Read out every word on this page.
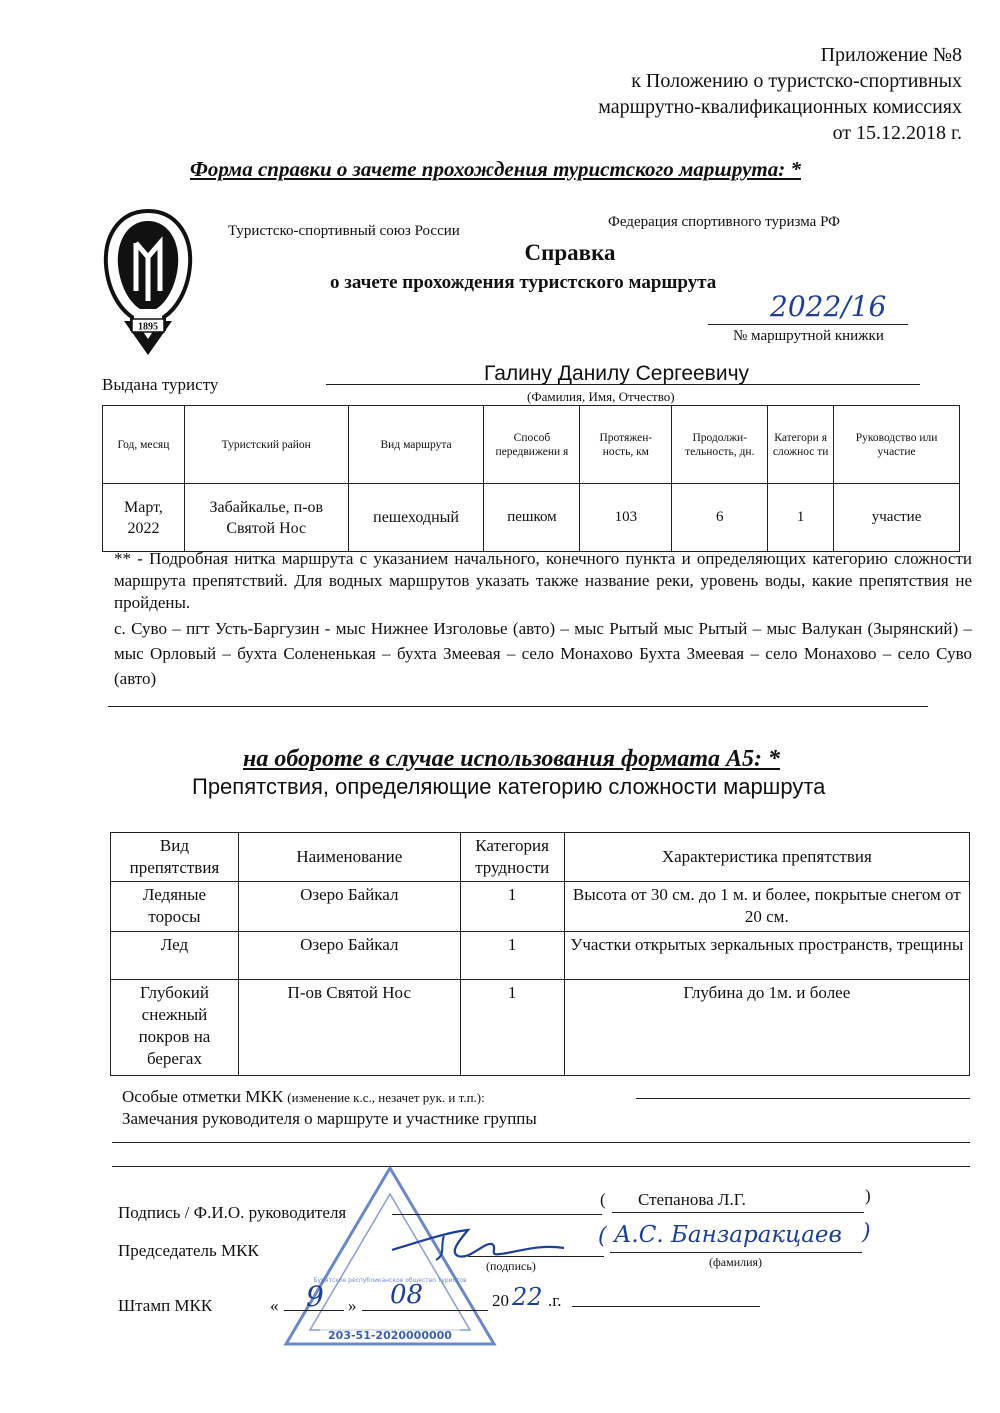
Приложение №8
к Положению о туристско-спортивных
маршрутно-квалификационных комиссиях
от 15.12.2018 г.
Форма справки о зачете прохождения туристского маршрута: *
1895
Туристско-спортивный союз России
Федерация спортивного туризма РФ
Справка
о зачете прохождения туристского маршрута
2022/16
№ маршрутной книжки
Выдана туристу	Галину Данилу Сергеевичу
(Фамилия, Имя, Отчество)
Год, месяц	Туристский район	Вид маршрута	Способ передвижени я	Протяжен- ность, км	Продолжи- тельность, дн.	Категори я сложнос ти	Руководство или участие
Март, 2022	Забайкалье, п-ов Святой Нос	пешеходный	пешком	103	6	1	участие

** - Подробная нитка маршрута с указанием начального, конечного пункта и определяющих категорию сложности маршрута препятствий. Для водных маршрутов указать также название реки, уровень воды, какие препятствия не пройдены.

с. Суво – пгт Усть-Баргузин - мыс Нижнее Изголовье (авто) – мыс Рытый мыс Рытый – мыс Валукан (Зырянский) – мыс Орловый – бухта Солененькая – бухта Змеевая – село Монахово Бухта Змеевая – село Монахово – село Суво (авто)

на обороте в случае использования формата А5: *
Препятствия, определяющие категорию сложности маршрута
Вид препятствия	Наименование	Категория трудности	Характеристика препятствия
Ледяные торосы	Озеро Байкал	1	Высота от 30 см. до 1 м. и более, покрытые снегом от 20 см.
Лед	Озеро Байкал	1	Участки открытых зеркальных пространств, трещины
Глубокий снежный покров на берегах	П-ов Святой Нос	1	Глубина до 1м. и более
Особые отметки МКК (изменение к.с., незачет рук. и т.п.):
Замечания руководителя о маршруте и участнике группы
203-51-2020000000
Бурятское республиканское общество туристов
Подпись / Ф.И.О. руководителя
( Степанова Л.Г.	)
Председатель МКК
(подпись)
( А.С. Банзаракцаев )
(фамилия)
Штамп МКК	« 9 » 08	20 22 .г.
